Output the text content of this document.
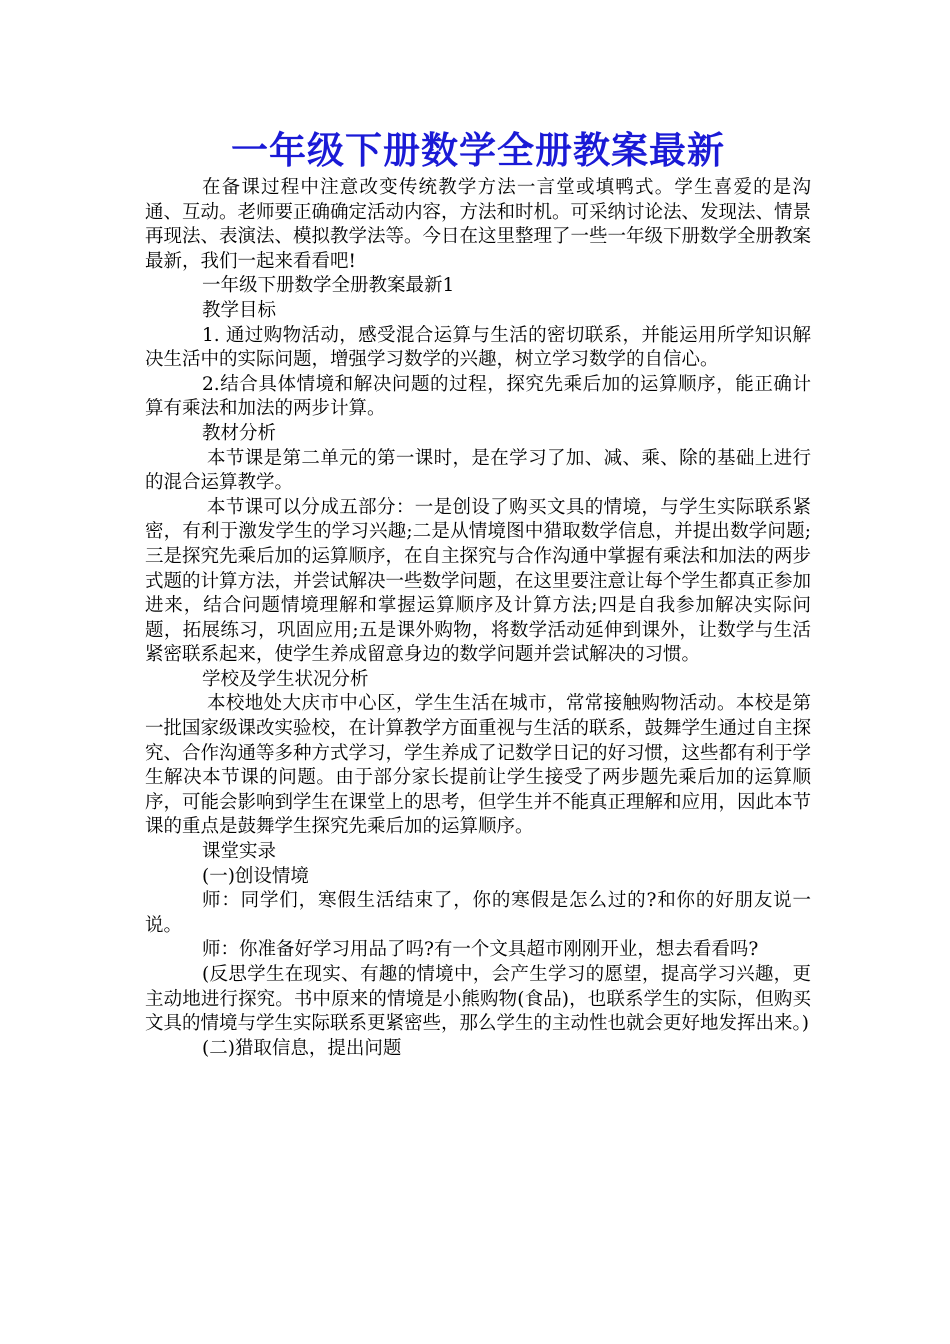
一年级下册数学全册教案最新

在备课过程中注意改变传统教学方法一言堂或填鸭式。学生喜爱的是沟通、互动。老师要正确确定活动内容，方法和时机。可采纳讨论法、发现法、情景再现法、表演法、模拟教学法等。今日在这里整理了一些一年级下册数学全册教案最新，我们一起来看看吧!

一年级下册数学全册教案最新1

教学目标

1. 通过购物活动，感受混合运算与生活的密切联系，并能运用所学知识解决生活中的实际问题，增强学习数学的兴趣，树立学习数学的自信心。

2.结合具体情境和解决问题的过程，探究先乘后加的运算顺序，能正确计算有乘法和加法的两步计算。

教材分析

本节课是第二单元的第一课时，是在学习了加、减、乘、除的基础上进行的混合运算教学。

本节课可以分成五部分：一是创设了购买文具的情境，与学生实际联系紧密，有利于激发学生的学习兴趣;二是从情境图中猎取数学信息，并提出数学问题;三是探究先乘后加的运算顺序，在自主探究与合作沟通中掌握有乘法和加法的两步式题的计算方法，并尝试解决一些数学问题，在这里要注意让每个学生都真正参加进来，结合问题情境理解和掌握运算顺序及计算方法;四是自我参加解决实际问题，拓展练习，巩固应用;五是课外购物，将数学活动延伸到课外，让数学与生活紧密联系起来，使学生养成留意身边的数学问题并尝试解决的习惯。

学校及学生状况分析

本校地处大庆市中心区，学生生活在城市，常常接触购物活动。本校是第一批国家级课改实验校，在计算教学方面重视与生活的联系，鼓舞学生通过自主探究、合作沟通等多种方式学习，学生养成了记数学日记的好习惯，这些都有利于学生解决本节课的问题。由于部分家长提前让学生接受了两步题先乘后加的运算顺序，可能会影响到学生在课堂上的思考，但学生并不能真正理解和应用，因此本节课的重点是鼓舞学生探究先乘后加的运算顺序。

课堂实录

(一)创设情境

师：同学们，寒假生活结束了，你的寒假是怎么过的?和你的好朋友说一说。

师：你准备好学习用品了吗?有一个文具超市刚刚开业，想去看看吗?

(反思学生在现实、有趣的情境中，会产生学习的愿望，提高学习兴趣，更主动地进行探究。书中原来的情境是小熊购物(食品)，也联系学生的实际，但购买文具的情境与学生实际联系更紧密些，那么学生的主动性也就会更好地发挥出来。)

(二)猎取信息，提出问题
